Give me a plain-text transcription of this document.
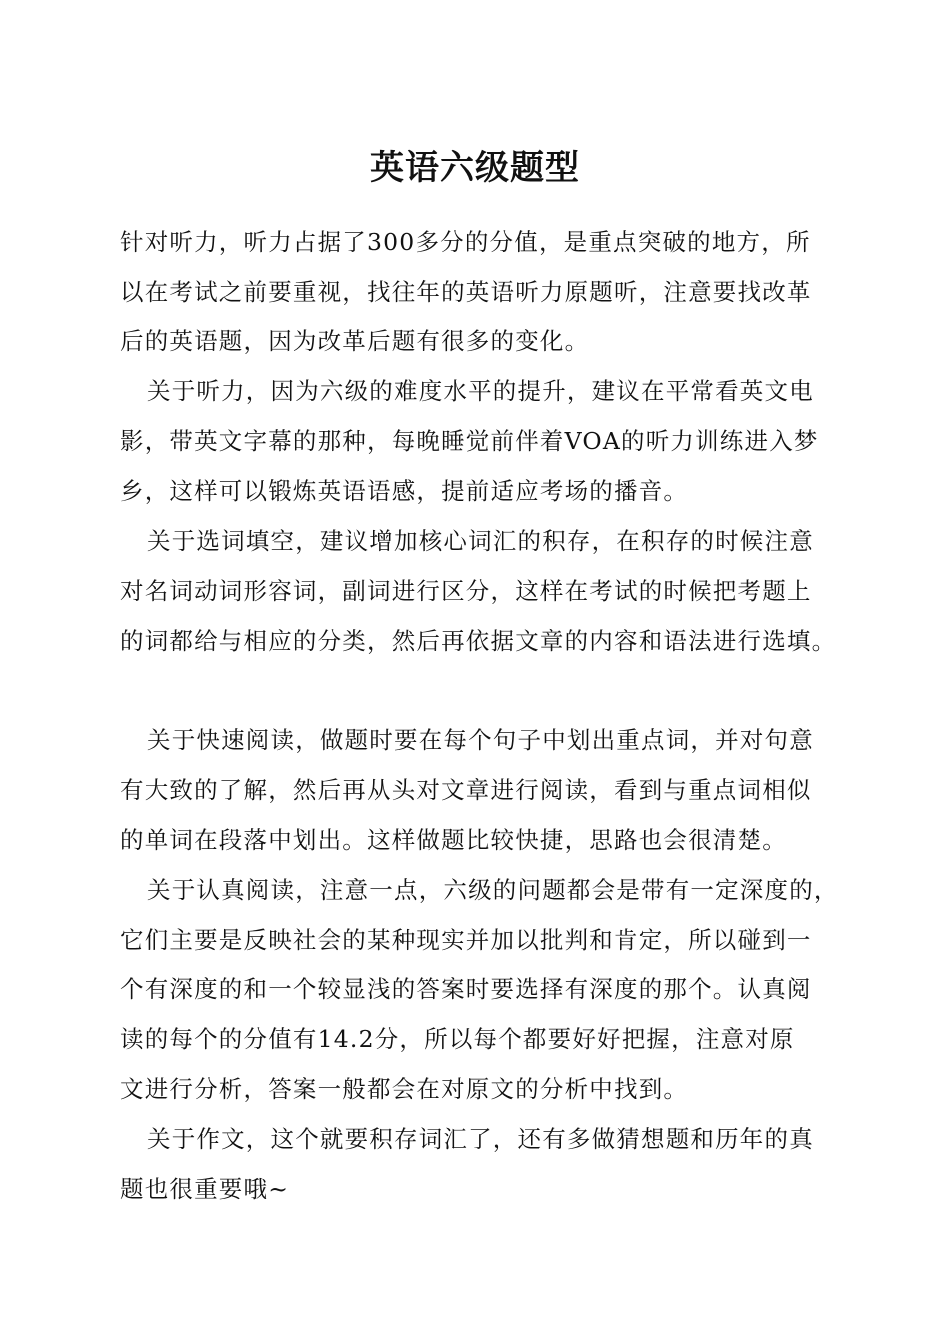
英语六级题型

针对听力，听力占据了300多分的分值，是重点突破的地方，所

以在考试之前要重视，找往年的英语听力原题听，注意要找改革

后的英语题，因为改革后题有很多的变化。

关于听力，因为六级的难度水平的提升，建议在平常看英文电

影，带英文字幕的那种，每晚睡觉前伴着VOA的听力训练进入梦

乡，这样可以锻炼英语语感，提前适应考场的播音。

关于选词填空，建议增加核心词汇的积存，在积存的时候注意

对名词动词形容词，副词进行区分，这样在考试的时候把考题上

的词都给与相应的分类，然后再依据文章的内容和语法进行选填。

关于快速阅读，做题时要在每个句子中划出重点词，并对句意

有大致的了解，然后再从头对文章进行阅读，看到与重点词相似

的单词在段落中划出。这样做题比较快捷，思路也会很清楚。

关于认真阅读，注意一点，六级的问题都会是带有一定深度的，

它们主要是反映社会的某种现实并加以批判和肯定，所以碰到一

个有深度的和一个较显浅的答案时要选择有深度的那个。认真阅

读的每个的分值有14.2分，所以每个都要好好把握，注意对原

文进行分析，答案一般都会在对原文的分析中找到。

关于作文，这个就要积存词汇了，还有多做猜想题和历年的真

题也很重要哦~
